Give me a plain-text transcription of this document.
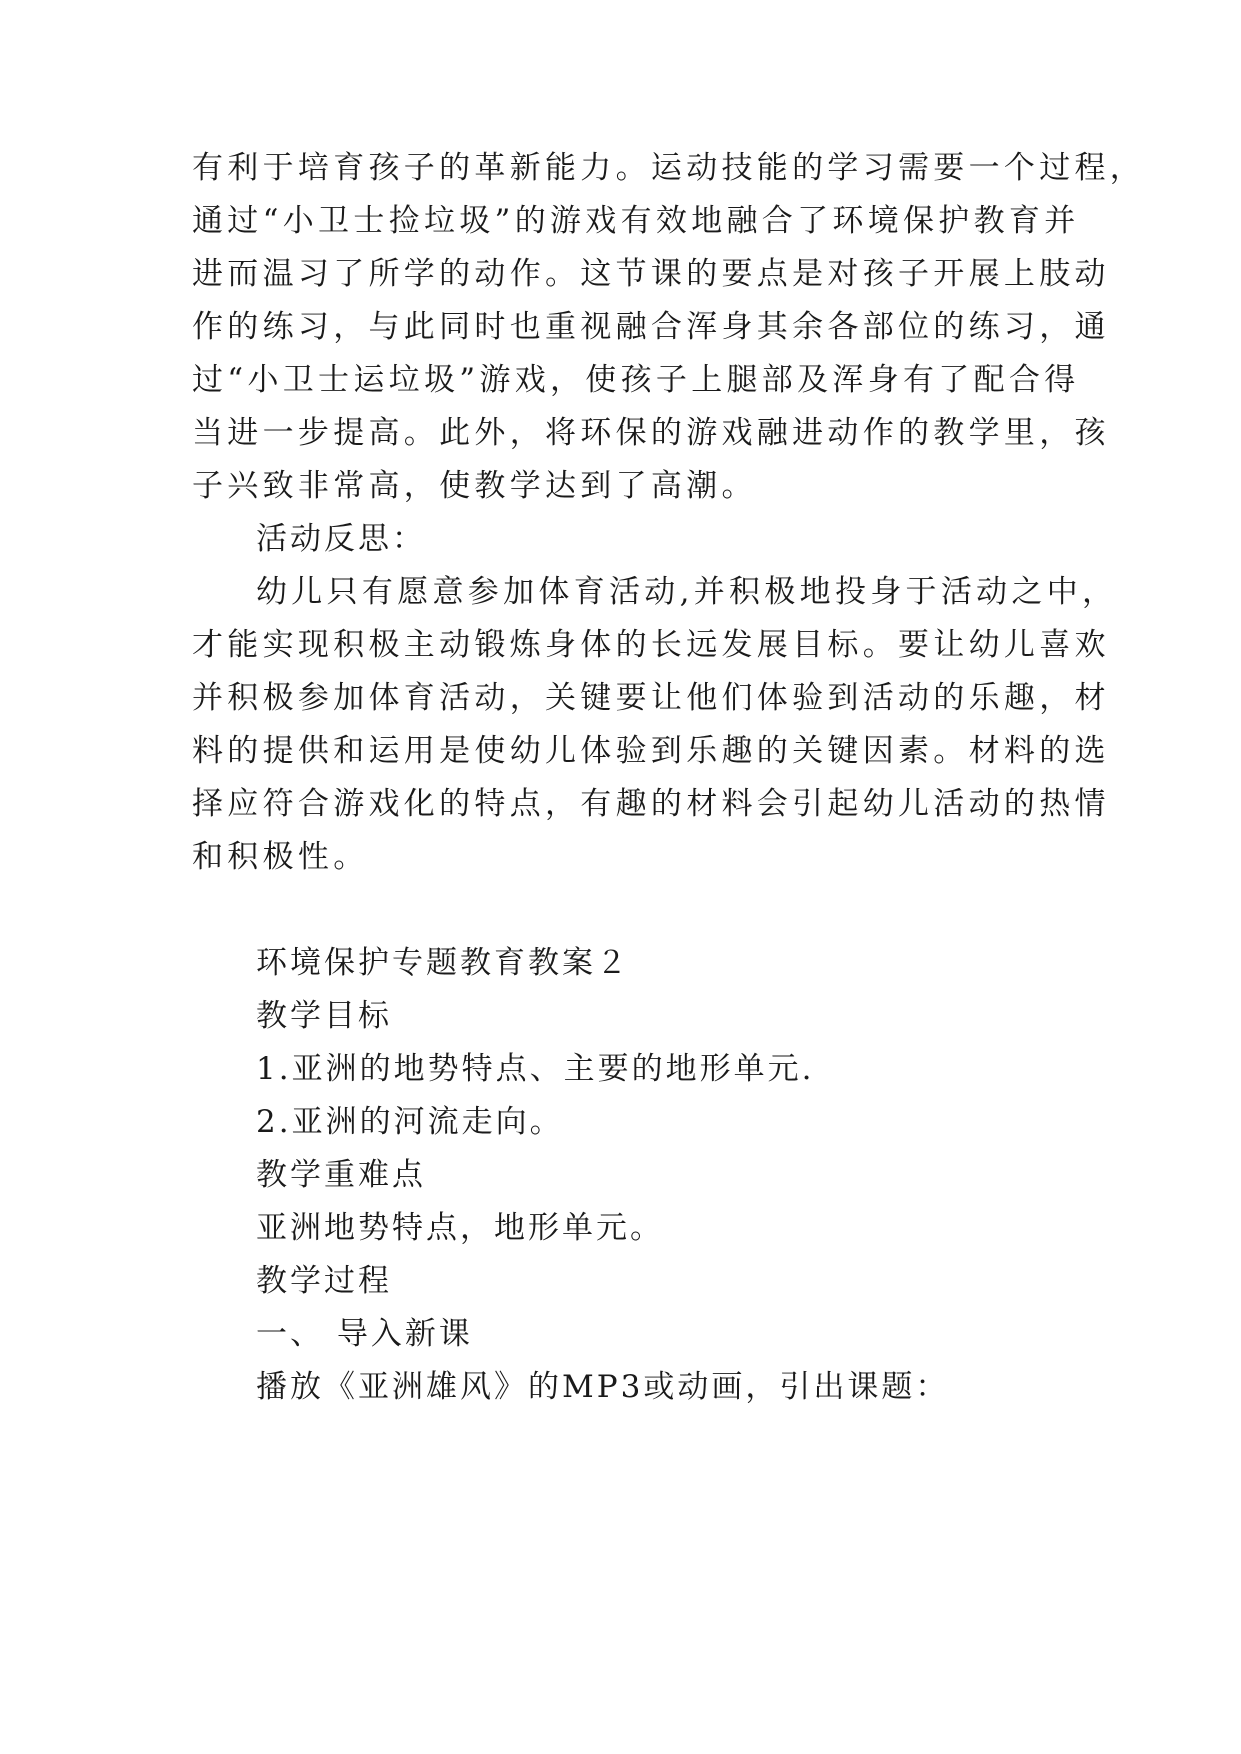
有利于培育孩子的革新能力。运动技能的学习需要一个过程，
通过“小卫士捡垃圾”的游戏有效地融合了环境保护教育并
进而温习了所学的动作。这节课的要点是对孩子开展上肢动
作的练习，与此同时也重视融合浑身其余各部位的练习，通
过“小卫士运垃圾”游戏，使孩子上腿部及浑身有了配合得
当进一步提高。此外，将环保的游戏融进动作的教学里，孩
子兴致非常高，使教学达到了高潮。
活动反思：
幼儿只有愿意参加体育活动,并积极地投身于活动之中，
才能实现积极主动锻炼身体的长远发展目标。要让幼儿喜欢
并积极参加体育活动，关键要让他们体验到活动的乐趣，材
料的提供和运用是使幼儿体验到乐趣的关键因素。材料的选
择应符合游戏化的特点，有趣的材料会引起幼儿活动的热情
和积极性。
环境保护专题教育教案２
教学目标
1.亚洲的地势特点、主要的地形单元.
2.亚洲的河流走向。
教学重难点
亚洲地势特点，地形单元。
教学过程
一、 导入新课
播放《亚洲雄风》的MP3或动画，引出课题：
